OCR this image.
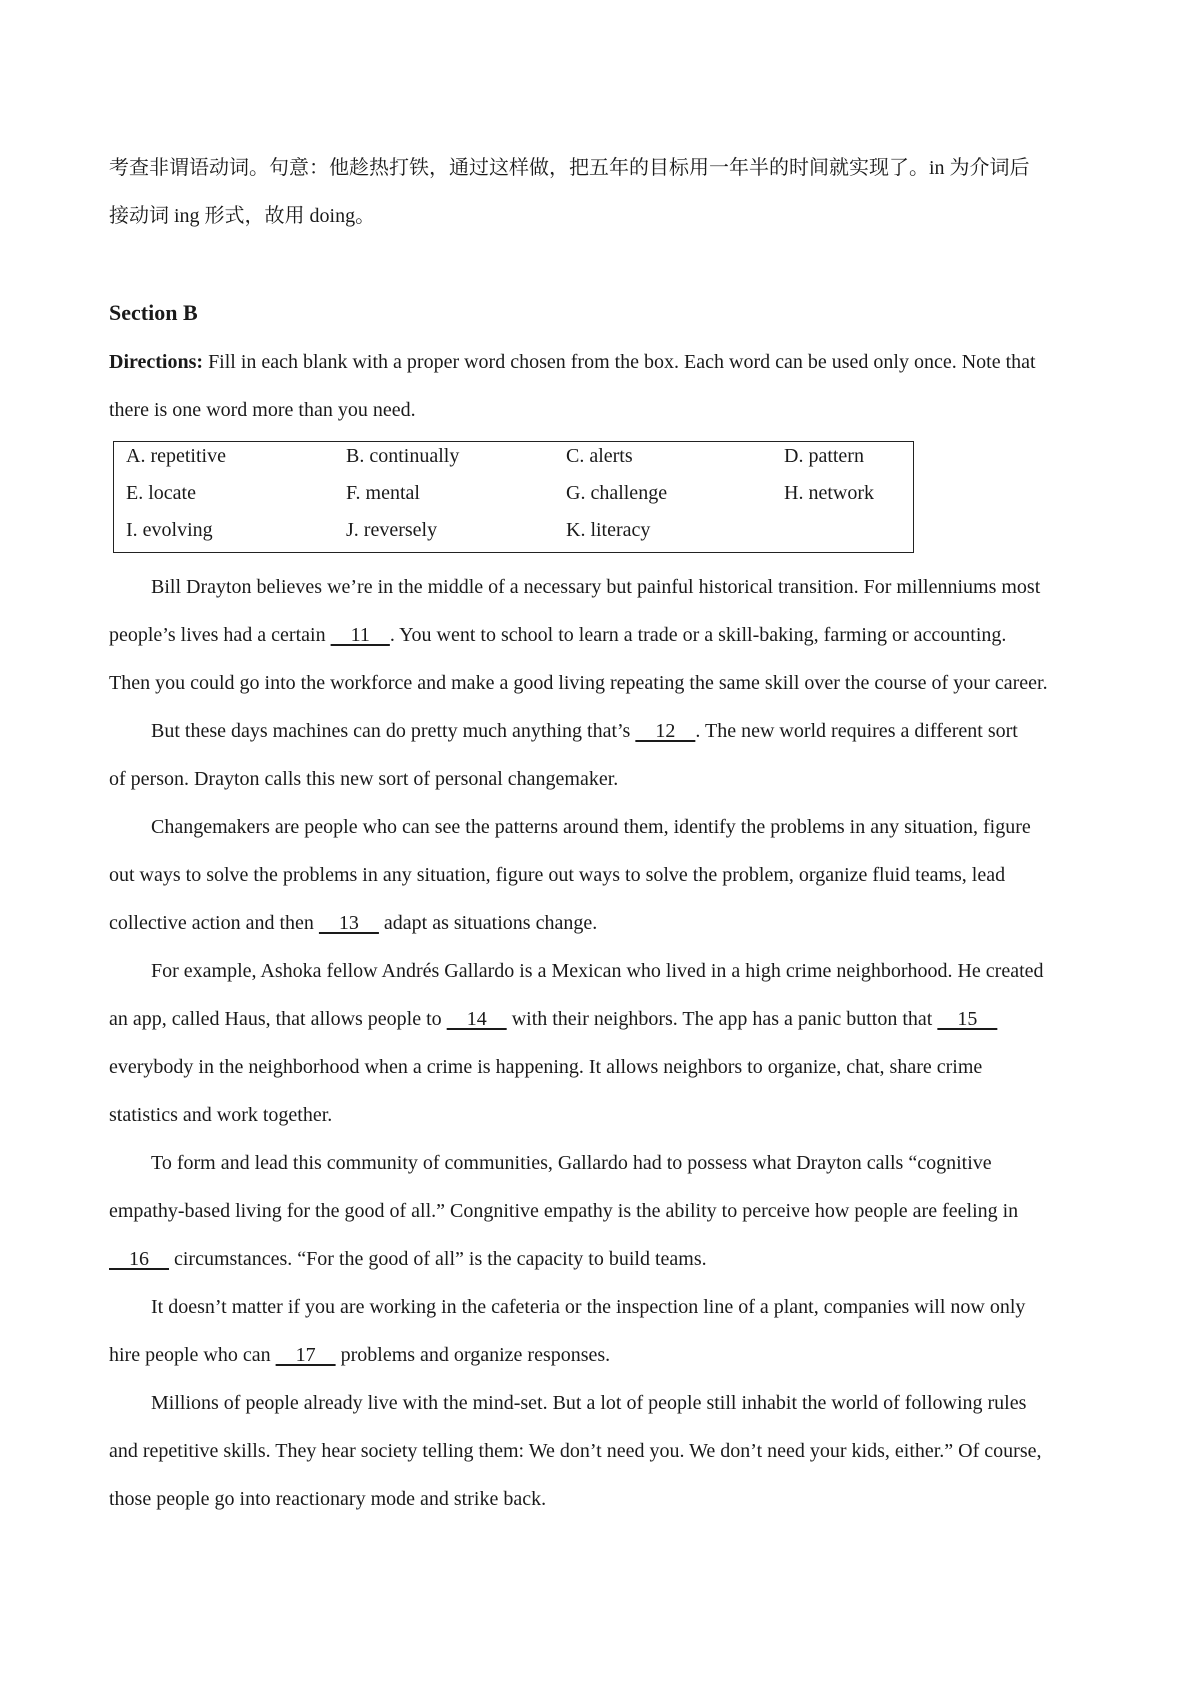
考查非谓语动词。句意：他趁热打铁，通过这样做，把五年的目标用一年半的时间就实现了。in 为介词后
接动词 ing 形式，故用 doing。
Section B
Directions: Fill in each blank with a proper word chosen from the box. Each word can be used only once. Note that
there is one word more than you need.
A. repetitive	B. continually	C. alerts	D. pattern
E. locate	F. mental	G. challenge	H. network
I. evolving	J. reversely	K. literacy
Bill Drayton believes we’re in the middle of a necessary but painful historical transition. For millenniums most
people’s lives had a certain     11    . You went to school to learn a trade or a skill-baking, farming or accounting.
Then you could go into the workforce and make a good living repeating the same skill over the course of your career.
But these days machines can do pretty much anything that’s     12    . The new world requires a different sort
of person. Drayton calls this new sort of personal changemaker.
Changemakers are people who can see the patterns around them, identify the problems in any situation, figure
out ways to solve the problems in any situation, figure out ways to solve the problem, organize fluid teams, lead
collective action and then     13     adapt as situations change.
For example, Ashoka fellow Andrés Gallardo is a Mexican who lived in a high crime neighborhood. He created
an app, called Haus, that allows people to     14     with their neighbors. The app has a panic button that     15
everybody in the neighborhood when a crime is happening. It allows neighbors to organize, chat, share crime
statistics and work together.
To form and lead this community of communities, Gallardo had to possess what Drayton calls “cognitive
empathy-based living for the good of all.” Congnitive empathy is the ability to perceive how people are feeling in
16     circumstances. “For the good of all” is the capacity to build teams.
It doesn’t matter if you are working in the cafeteria or the inspection line of a plant, companies will now only
hire people who can     17     problems and organize responses.
Millions of people already live with the mind-set. But a lot of people still inhabit the world of following rules
and repetitive skills. They hear society telling them: We don’t need you. We don’t need your kids, either.” Of course,
those people go into reactionary mode and strike back.
